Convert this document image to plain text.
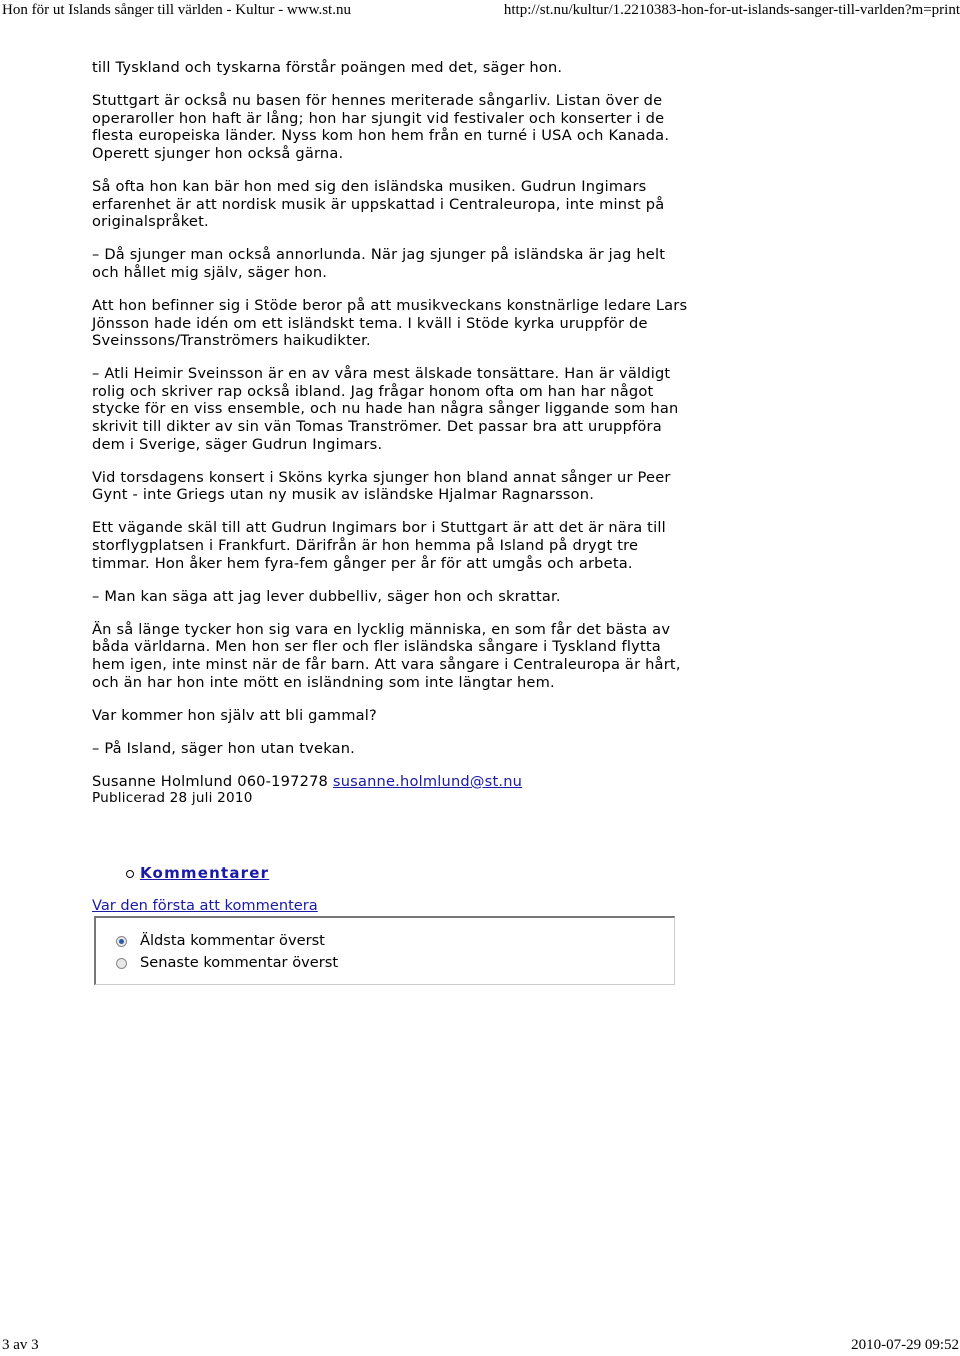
Hon för ut Islands sånger till världen - Kultur - www.st.nu	http://st.nu/kultur/1.2210383-hon-for-ut-islands-sanger-till-varlden?m=print

till Tyskland och tyskarna förstår poängen med det, säger hon.

Stuttgart är också nu basen för hennes meriterade sångarliv. Listan över de operaroller hon haft är lång; hon har sjungit vid festivaler och konserter i de flesta europeiska länder. Nyss kom hon hem från en turné i USA och Kanada. Operett sjunger hon också gärna.

Så ofta hon kan bär hon med sig den isländska musiken. Gudrun Ingimars erfarenhet är att nordisk musik är uppskattad i Centraleuropa, inte minst på originalspråket.

– Då sjunger man också annorlunda. När jag sjunger på isländska är jag helt och hållet mig själv, säger hon.

Att hon befinner sig i Stöde beror på att musikveckans konstnärlige ledare Lars Jönsson hade idén om ett isländskt tema. I kväll i Stöde kyrka uruppför de Sveinssons/Tranströmers haikudikter.

– Atli Heimir Sveinsson är en av våra mest älskade tonsättare. Han är väldigt rolig och skriver rap också ibland. Jag frågar honom ofta om han har något stycke för en viss ensemble, och nu hade han några sånger liggande som han skrivit till dikter av sin vän Tomas Tranströmer. Det passar bra att uruppföra dem i Sverige, säger Gudrun Ingimars.

Vid torsdagens konsert i Sköns kyrka sjunger hon bland annat sånger ur Peer Gynt - inte Griegs utan ny musik av isländske Hjalmar Ragnarsson.

Ett vägande skäl till att Gudrun Ingimars bor i Stuttgart är att det är nära till storflygplatsen i Frankfurt. Därifrån är hon hemma på Island på drygt tre timmar. Hon åker hem fyra-fem gånger per år för att umgås och arbeta.

– Man kan säga att jag lever dubbelliv, säger hon och skrattar.

Än så länge tycker hon sig vara en lycklig människa, en som får det bästa av båda världarna. Men hon ser fler och fler isländska sångare i Tyskland flytta hem igen, inte minst när de får barn. Att vara sångare i Centraleuropa är hårt, och än har hon inte mött en isländning som inte längtar hem.

Var kommer hon själv att bli gammal?

– På Island, säger hon utan tvekan.

Susanne Holmlund 060-197278 susanne.holmlund@st.nu
Publicerad 28 juli 2010
Kommentarer
Var den första att kommentera
Äldsta kommentar överst
Senaste kommentar överst
3 av 3	2010-07-29 09:52
